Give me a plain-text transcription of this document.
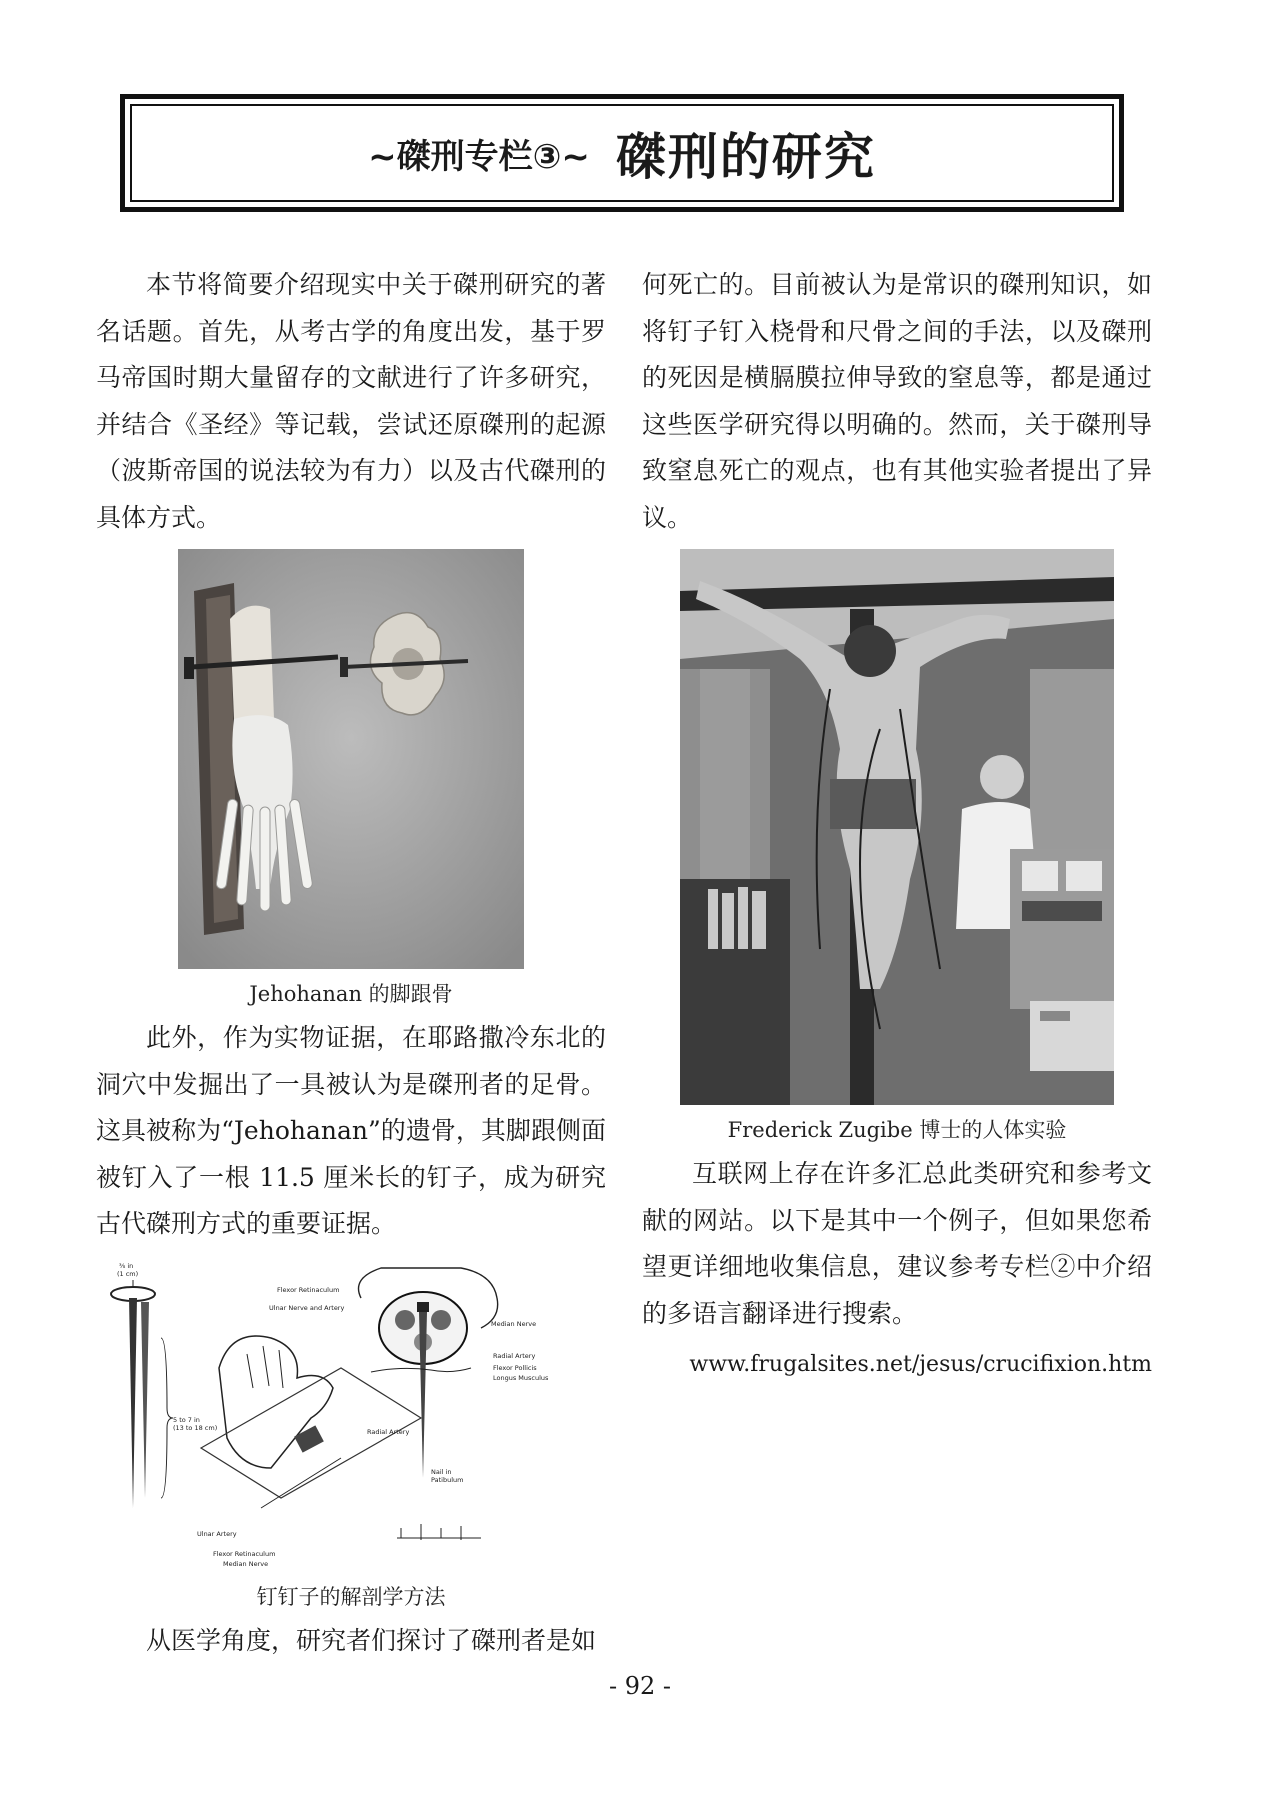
~磔刑专栏③~ 磔刑的研究

本节将简要介绍现实中关于磔刑研究的著名话题。首先，从考古学的角度出发，基于罗马帝国时期大量留存的文献进行了许多研究，并结合《圣经》等记载，尝试还原磔刑的起源（波斯帝国的说法较为有力）以及古代磔刑的具体方式。

Jehohanan 的脚跟骨

此外，作为实物证据，在耶路撒冷东北的洞穴中发掘出了一具被认为是磔刑者的足骨。这具被称为“Jehohanan”的遗骨，其脚跟侧面被钉入了一根 11.5 厘米长的钉子，成为研究古代磔刑方式的重要证据。

⅜ in
(1 cm)
5 to 7 in
(13 to 18 cm)
Flexor Retinaculum
Ulnar Nerve and Artery
Median Nerve
Radial Artery
Flexor Pollicis
Longus Musculus
Radial Artery
Nail in
Patibulum
Ulnar Artery
Flexor Retinaculum
Median Nerve
钉钉子的解剖学方法

从医学角度，研究者们探讨了磔刑者是如

何死亡的。目前被认为是常识的磔刑知识，如将钉子钉入桡骨和尺骨之间的手法，以及磔刑的死因是横膈膜拉伸导致的窒息等，都是通过这些医学研究得以明确的。然而，关于磔刑导致窒息死亡的观点，也有其他实验者提出了异议。

Frederick Zugibe 博士的人体实验

互联网上存在许多汇总此类研究和参考文献的网站。以下是其中一个例子，但如果您希望更详细地收集信息，建议参考专栏②中介绍的多语言翻译进行搜索。

www.frugalsites.net/jesus/crucifixion.htm
- 92 -
